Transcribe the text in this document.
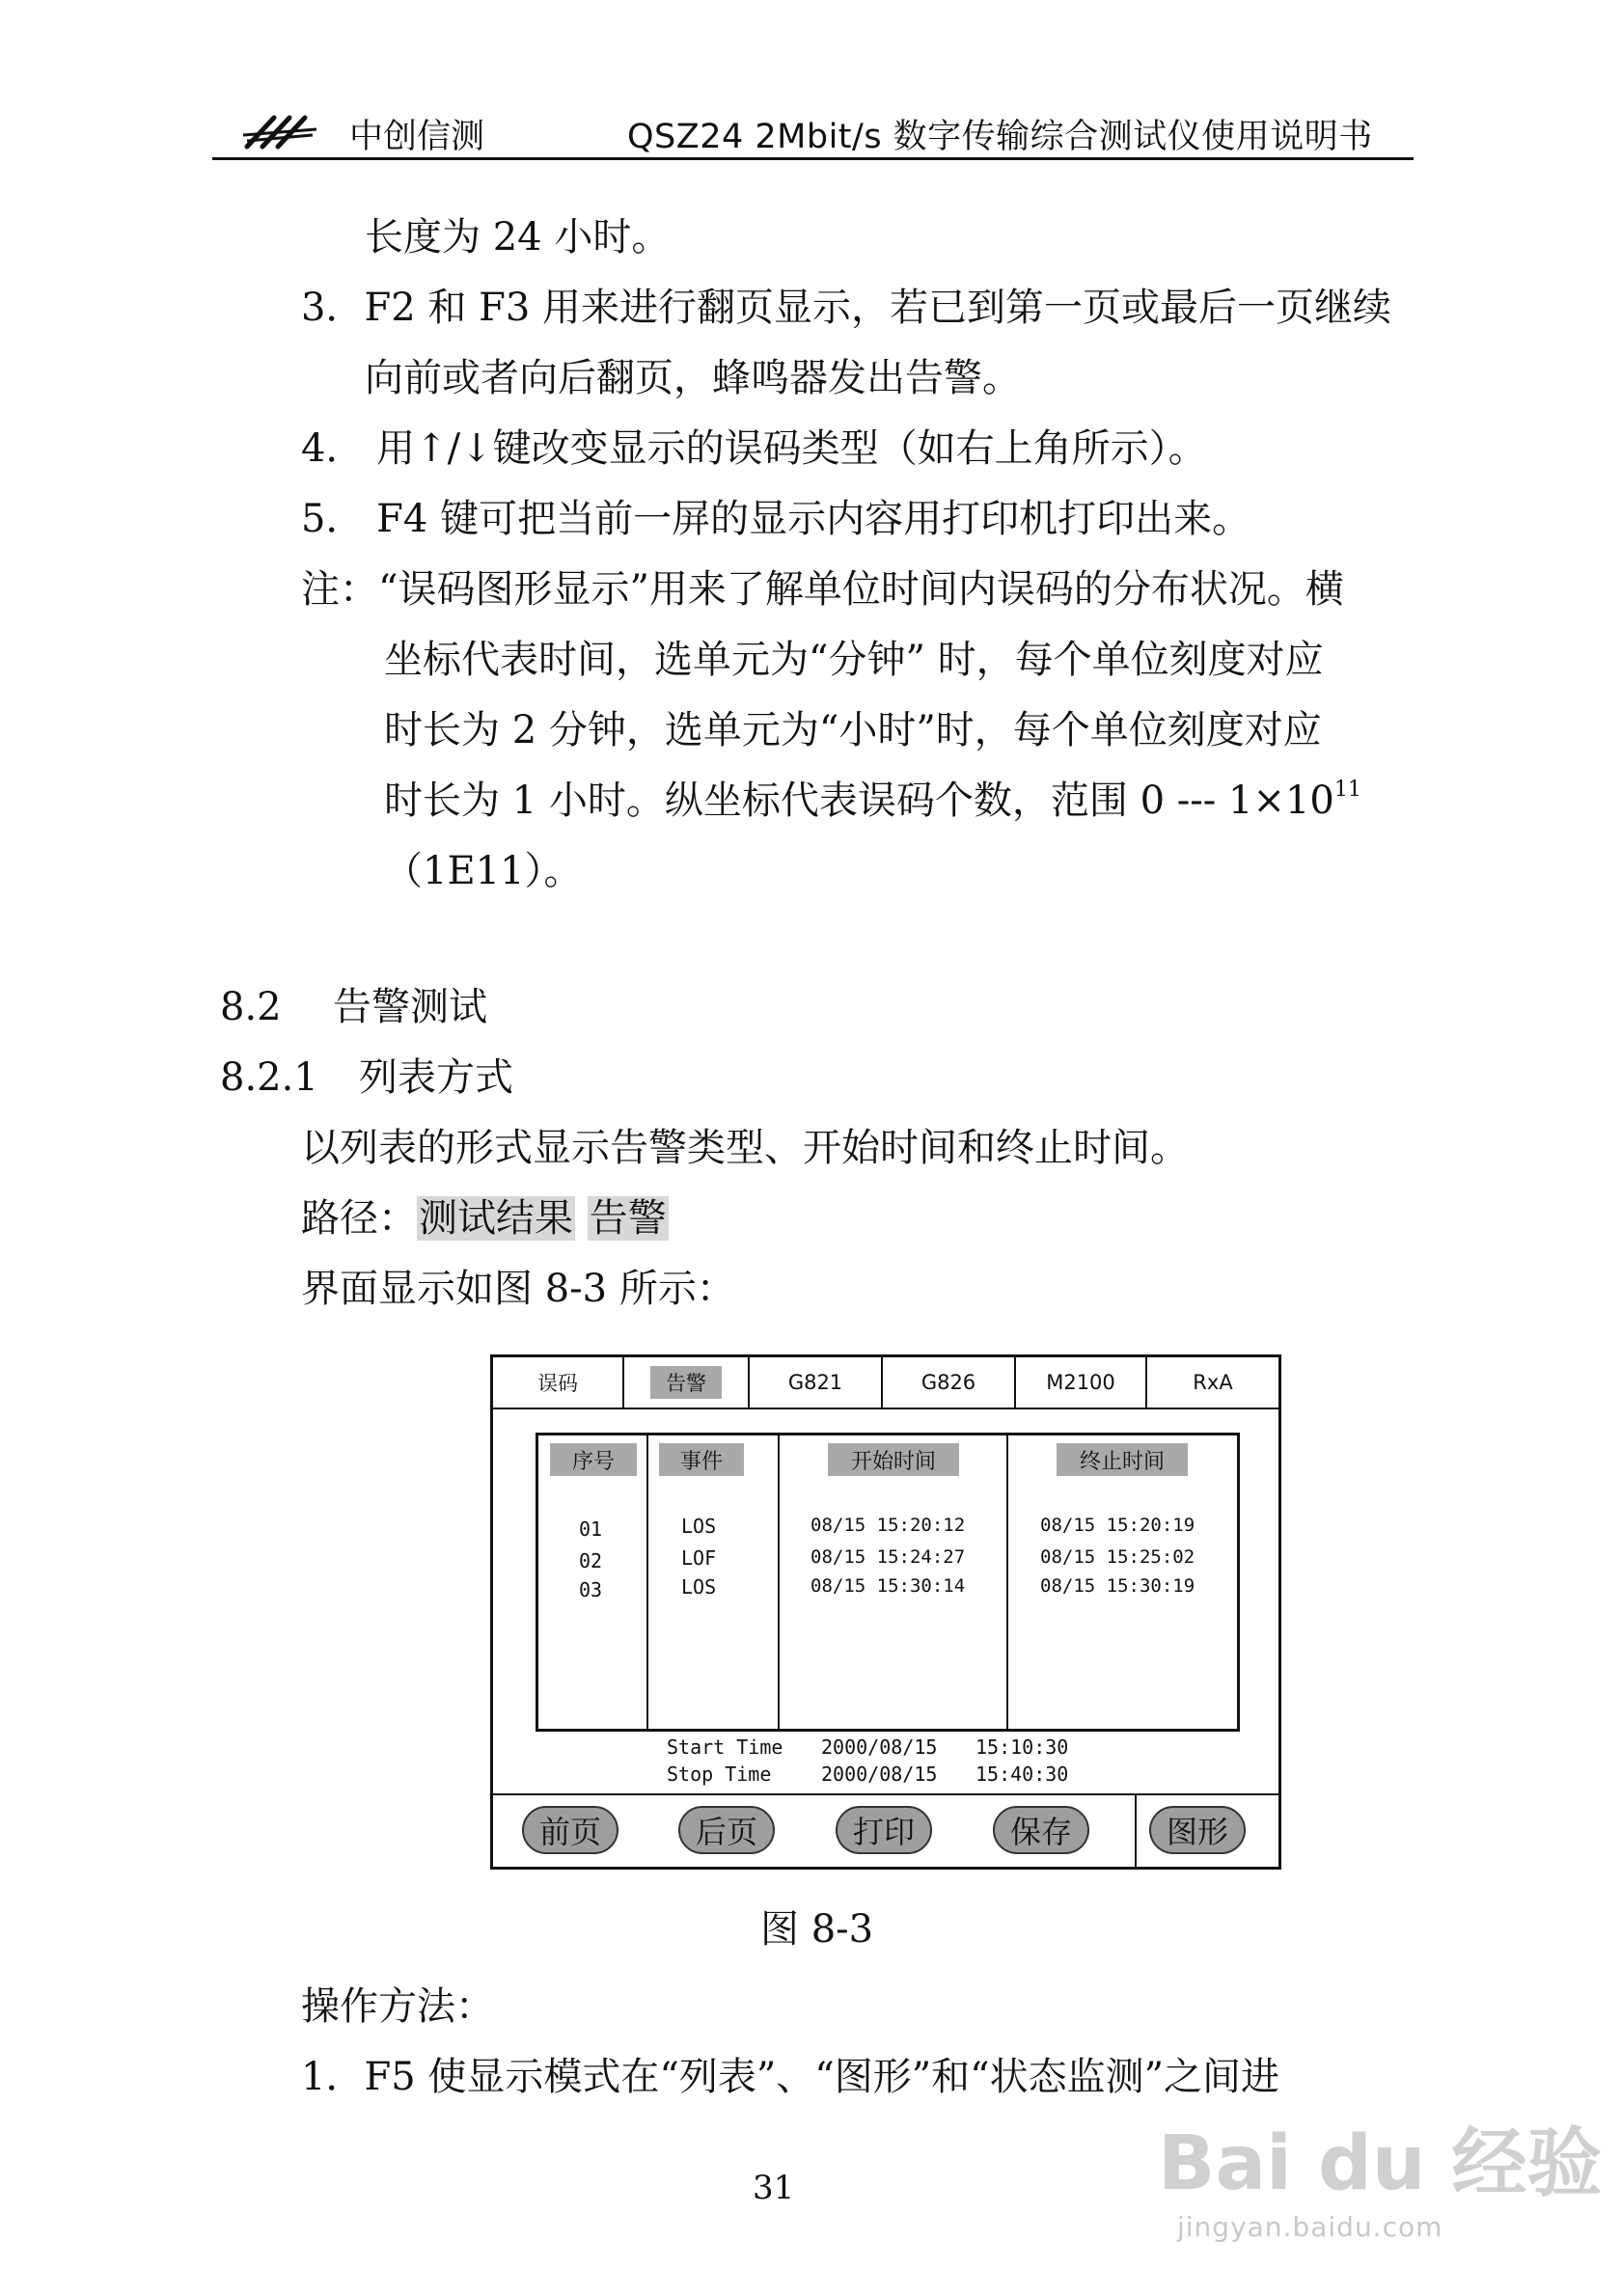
中创信测	QSZ24 2Mbit/s 数字传输综合测试仪使用说明书
长度为 24 小时。
3．F2 和 F3 用来进行翻页显示，若已到第一页或最后一页继续
向前或者向后翻页，蜂鸣器发出告警。
4． 用↑/↓键改变显示的误码类型（如右上角所示）。
5． F4 键可把当前一屏的显示内容用打印机打印出来。
注：“误码图形显示”用来了解单位时间内误码的分布状况。横
坐标代表时间，选单元为“分钟” 时，每个单位刻度对应
时长为 2 分钟，选单元为“小时”时，每个单位刻度对应
时长为 1 小时。纵坐标代表误码个数，范围 0 --- $1\times 10^{11}$
（1E11）。
8.2 告警测试
8.2.1 列表方式
以列表的形式显示告警类型、开始时间和终止时间。
路径：测试结果 告警
界面显示如图 8-3 所示：
误码	告警	G821	G826	M2100	RxA
序号	事件	开始时间	终止时间
01	LOS	08/15 15:20:12	08/15 15:20:19
02	LOF	08/15 15:24:27	08/15 15:25:02
03	LOS	08/15 15:30:14	08/15 15:30:19
Start Time 2000/08/15 15:10:30
Stop Time	2000/08/15 15:40:30
前页	后页	打印	保存	图形
图 8-3
操作方法：
1．F5 使显示模式在“列表”、“图形”和“状态监测”之间进
31	Bai du 经验
jingyan.baidu.com
